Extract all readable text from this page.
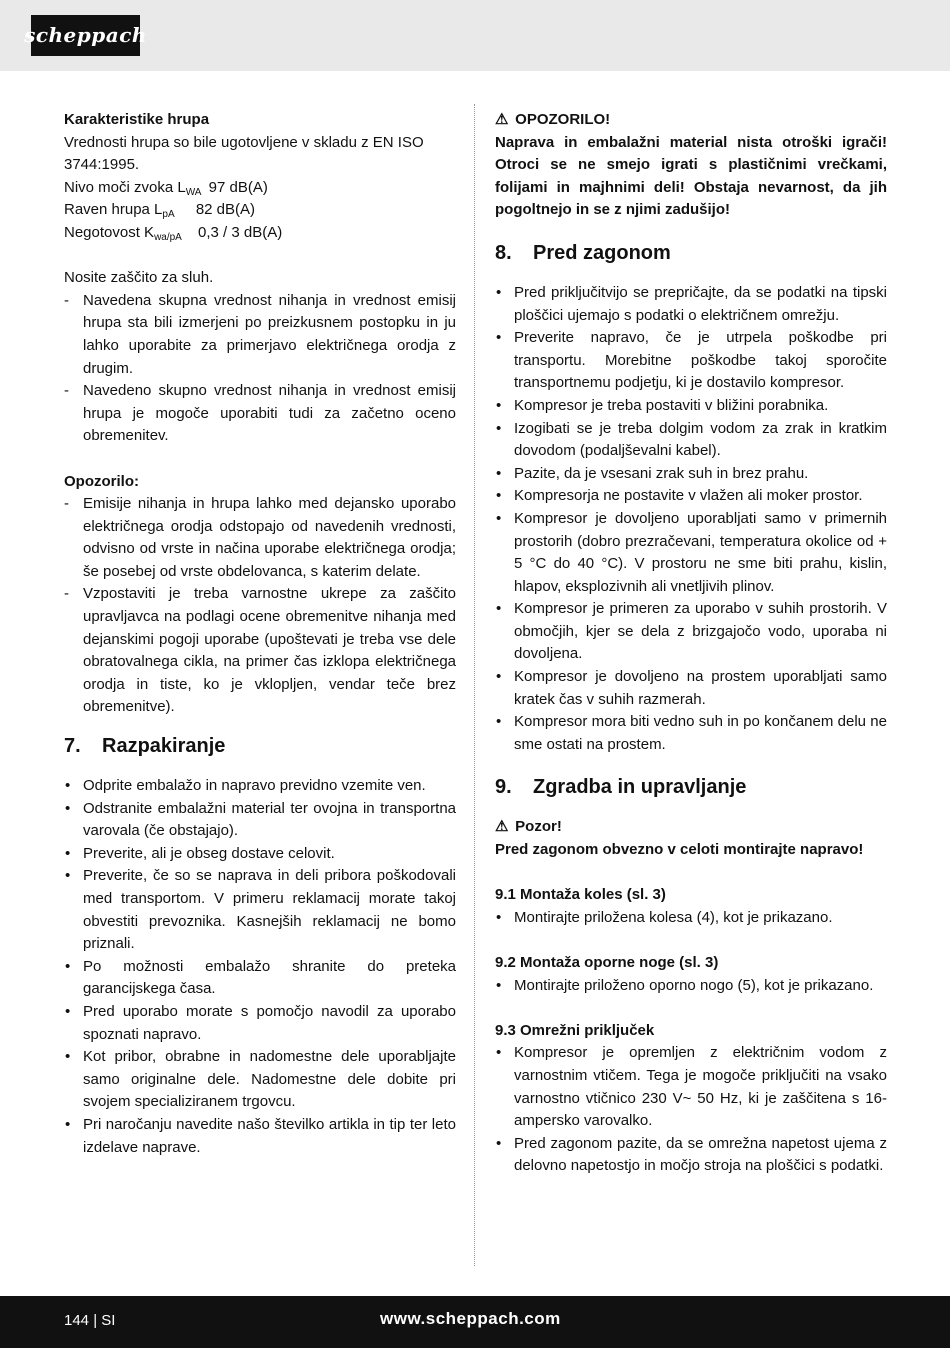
scheppach

Karakteristike hrupa

Vrednosti hrupa so bile ugotovljene v skladu z EN ISO 3744:1995.

Nivo moči zvoka $L_{WA}$ 97 dB(A)
Raven hrupa $L_{pA}$ 82 dB(A)
Negotovost $K_{wa/pA}$ 0,3 / 3 dB(A)

Nosite zaščito za sluh.

- Navedena skupna vrednost nihanja in vrednost emisij hrupa sta bili izmerjeni po preizkusnem postopku in ju lahko uporabite za primerjavo električnega orodja z drugim.
- Navedeno skupno vrednost nihanja in vrednost emisij hrupa je mogoče uporabiti tudi za začetno oceno obremenitev.

Opozorilo:

- Emisije nihanja in hrupa lahko med dejansko uporabo električnega orodja odstopajo od navedenih vrednosti, odvisno od vrste in načina uporabe električnega orodja; še posebej od vrste obdelovanca, s katerim delate.
- Vzpostaviti je treba varnostne ukrepe za zaščito upravljavca na podlagi ocene obremenitve nihanja med dejanskimi pogoji uporabe (upoštevati je treba vse dele obratovalnega cikla, na primer čas izklopa električnega orodja in tiste, ko je vklopljen, vendar teče brez obremenitve).
7.	Razpakiranje
• Odprite embalažo in napravo previdno vzemite ven.
• Odstranite embalažni material ter ovojna in transportna varovala (če obstajajo).
• Preverite, ali je obseg dostave celovit.
• Preverite, če so se naprava in deli pribora poškodovali med transportom. V primeru reklamacij morate takoj obvestiti prevoznika. Kasnejših reklamacij ne bomo priznali.
• Po možnosti embalažo shranite do preteka garancijskega časa.
• Pred uporabo morate s pomočjo navodil za uporabo spoznati napravo.
• Kot pribor, obrabne in nadomestne dele uporabljajte samo originalne dele. Nadomestne dele dobite pri svojem specializiranem trgovcu.
• Pri naročanju navedite našo številko artikla in tip ter leto izdelave naprave.

⚠ OPOZORILO!

Naprava in embalažni material nista otroški igrači! Otroci se ne smejo igrati s plastičnimi vrečkami, folijami in majhnimi deli! Obstaja nevarnost, da jih pogoltnejo in se z njimi zadušijo!

8.	Pred zagonom
• Pred priključitvijo se prepričajte, da se podatki na tipski ploščici ujemajo s podatki o električnem omrežju.
• Preverite napravo, če je utrpela poškodbe pri transportu. Morebitne poškodbe takoj sporočite transportnemu podjetju, ki je dostavilo kompresor.
• Kompresor je treba postaviti v bližini porabnika.
• Izogibati se je treba dolgim vodom za zrak in kratkim dovodom (podaljševalni kabel).
• Pazite, da je vsesani zrak suh in brez prahu.
• Kompresorja ne postavite v vlažen ali moker prostor.
• Kompresor je dovoljeno uporabljati samo v primernih prostorih (dobro prezračevani, temperatura okolice od + 5 °C do 40 °C). V prostoru ne sme biti prahu, kislin, hlapov, eksplozivnih ali vnetljivih plinov.
• Kompresor je primeren za uporabo v suhih prostorih. V območjih, kjer se dela z brizgajočo vodo, uporaba ni dovoljena.
• Kompresor je dovoljeno na prostem uporabljati samo kratek čas v suhih razmerah.
• Kompresor mora biti vedno suh in po končanem delu ne sme ostati na prostem.
9.	Zgradba in upravljanje

⚠ Pozor!

Pred zagonom obvezno v celoti montirajte napravo!

9.1 Montaža koles (sl. 3)

• Montirajte priložena kolesa (4), kot je prikazano.

9.2 Montaža oporne noge (sl. 3)

• Montirajte priloženo oporno nogo (5), kot je prikazano.

9.3 Omrežni priključek

• Kompresor je opremljen z električnim vodom z varnostnim vtičem. Tega je mogoče priključiti na vsako varnostno vtičnico 230 V~ 50 Hz, ki je zaščitena s 16-ampersko varovalko.
• Pred zagonom pazite, da se omrežna napetost ujema z delovno napetostjo in močjo stroja na ploščici s podatki.
144 | SI	www.scheppach.com
